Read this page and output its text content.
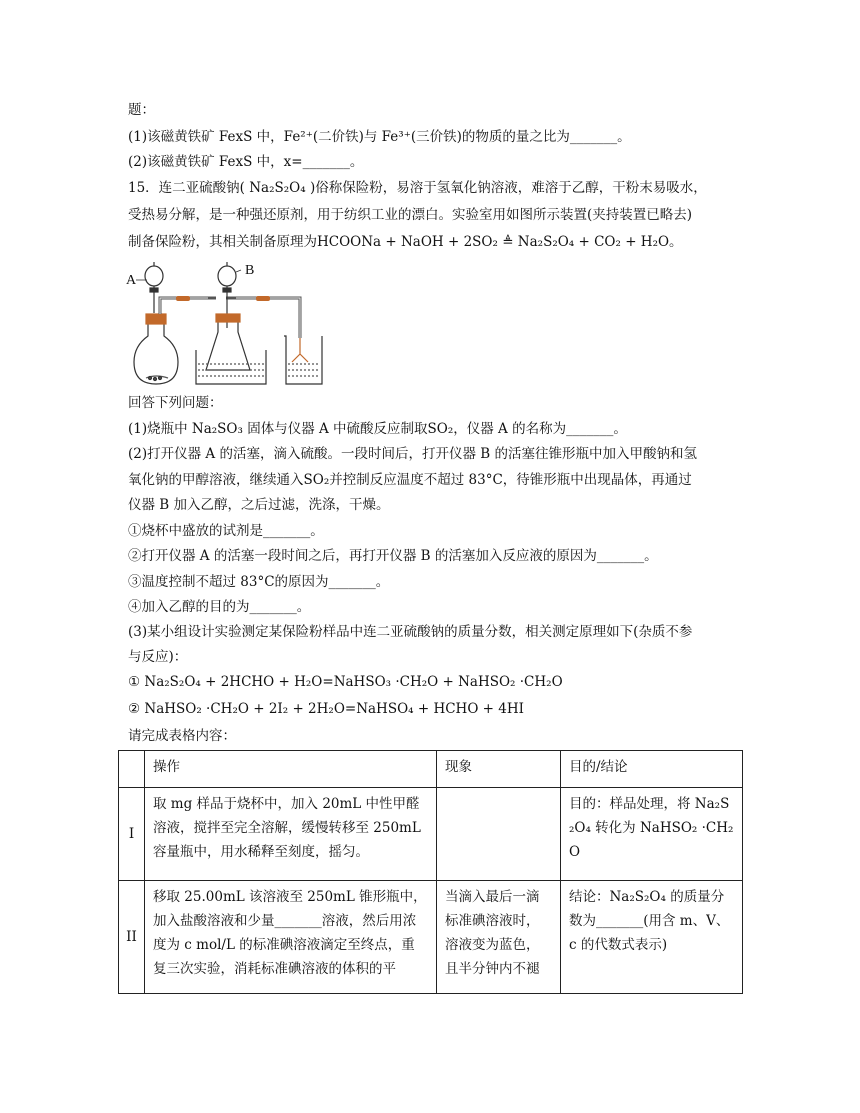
题：
(1)该磁黄铁矿 FexS 中，Fe²⁺(二价铁)与 Fe³⁺(三价铁)的物质的量之比为_______。
(2)该磁黄铁矿 FexS 中，x=_______。
15．连二亚硫酸钠( Na₂S₂O₄ )俗称保险粉，易溶于氢氧化钠溶液，难溶于乙醇，干粉末易吸水，
受热易分解，是一种强还原剂，用于纺织工业的漂白。实验室用如图所示装置(夹持装置已略去)
制备保险粉，其相关制备原理为HCOONa + NaOH + 2SO₂ ≜ Na₂S₂O₄ + CO₂ + H₂O。
A
B
回答下列问题：
(1)烧瓶中 Na₂SO₃ 固体与仪器 A 中硫酸反应制取SO₂，仪器 A 的名称为_______。
(2)打开仪器 A 的活塞，滴入硫酸。一段时间后，打开仪器 B 的活塞往锥形瓶中加入甲酸钠和氢
氧化钠的甲醇溶液，继续通入SO₂并控制反应温度不超过 83°C，待锥形瓶中出现晶体，再通过
仪器 B 加入乙醇，之后过滤，洗涤，干燥。
①烧杯中盛放的试剂是_______。
②打开仪器 A 的活塞一段时间之后，再打开仪器 B 的活塞加入反应液的原因为_______。
③温度控制不超过 83°C的原因为_______。
④加入乙醇的目的为_______。
(3)某小组设计实验测定某保险粉样品中连二亚硫酸钠的质量分数，相关测定原理如下(杂质不参
与反应)：
① Na₂S₂O₄ + 2HCHO + H₂O=NaHSO₃ ·CH₂O + NaHSO₂ ·CH₂O
② NaHSO₂ ·CH₂O + 2I₂ + 2H₂O=NaHSO₄ + HCHO + 4HI
请完成表格内容：
	操作	现象	目的/结论
I	取 mg 样品于烧杯中，加入 20mL 中性甲醛溶液，搅拌至完全溶解，缓慢转移至 250mL 容量瓶中，用水稀释至刻度，摇匀。		目的：样品处理，将 Na₂S₂O₄ 转化为 NaHSO₂ ·CH₂O
II	移取 25.00mL 该溶液至 250mL 锥形瓶中，加入盐酸溶液和少量_______溶液，然后用浓度为 c mol/L 的标准碘溶液滴定至终点，重复三次实验，消耗标准碘溶液的体积的平	当滴入最后一滴标准碘溶液时，溶液变为蓝色，且半分钟内不褪	结论：Na₂S₂O₄ 的质量分数为_______(用含 m、V、c 的代数式表示)
